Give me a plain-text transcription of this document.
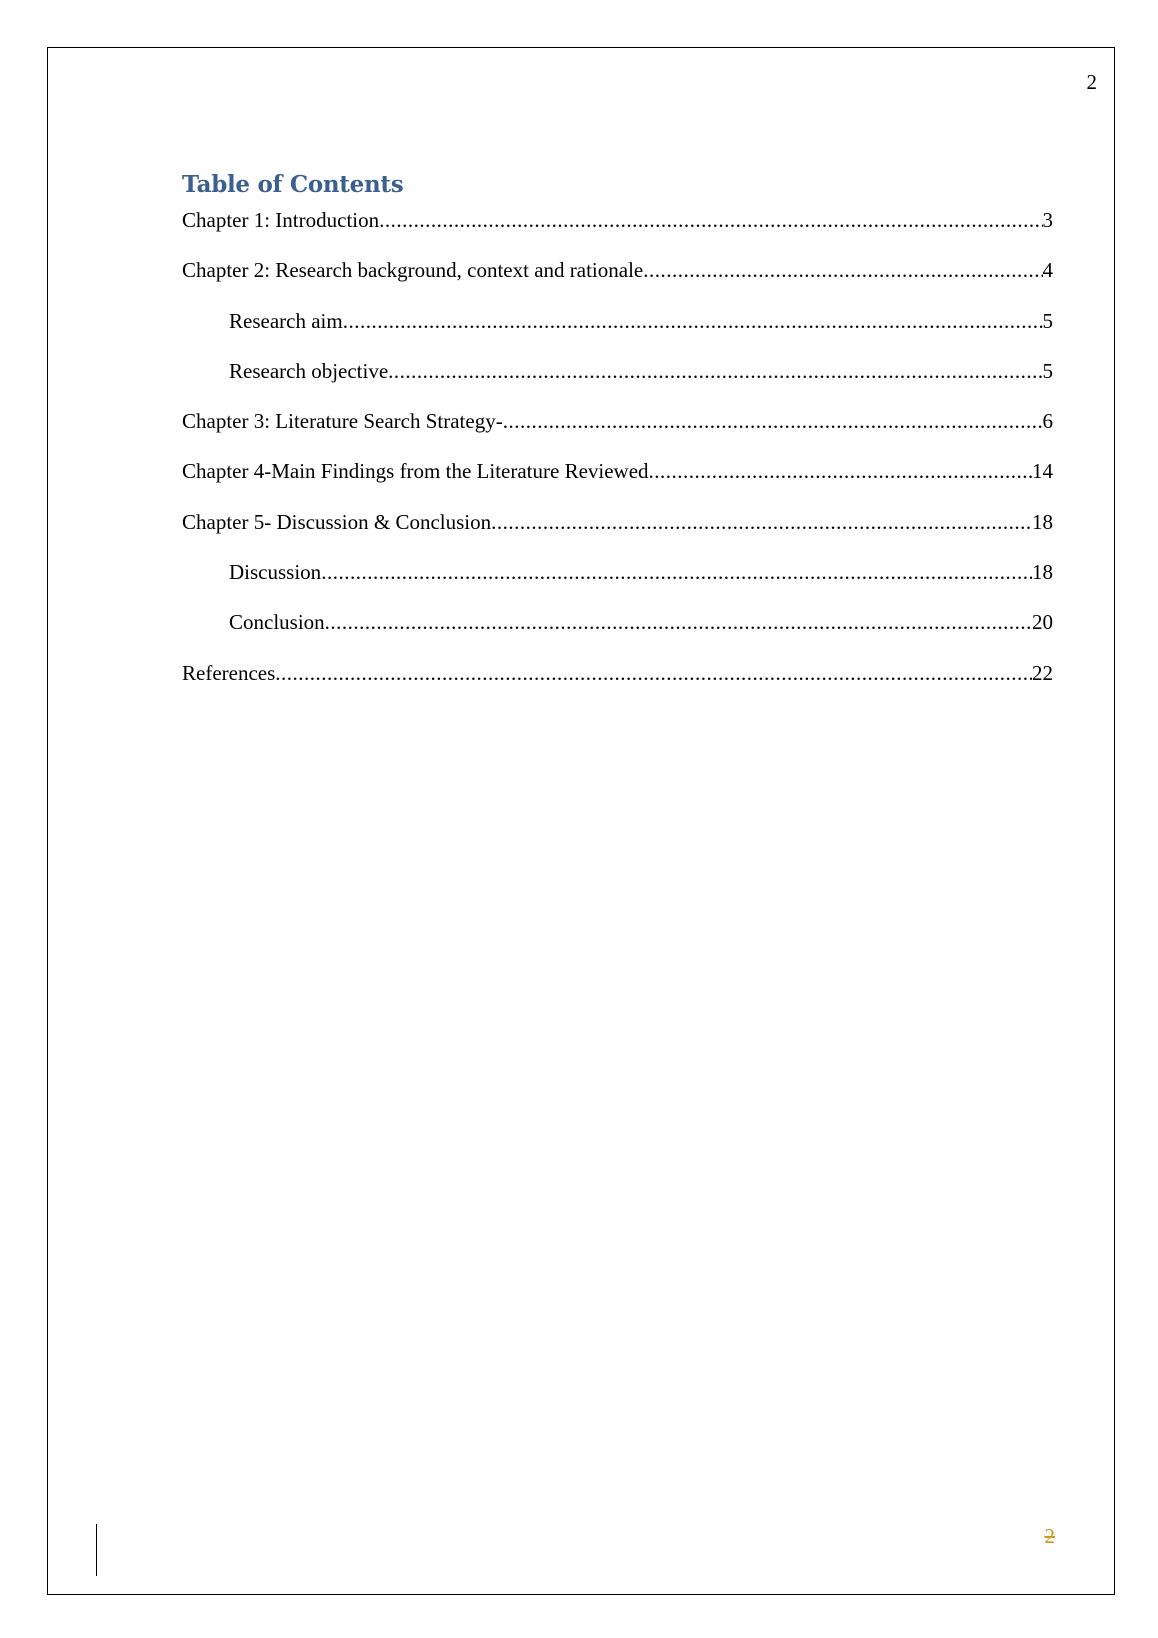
2
Table of Contents
Chapter 1: Introduction .....	3
Chapter 2: Research background, context and rationale .....	4
Research aim .....	5
Research objective .....	5
Chapter 3: Literature Search Strategy- .....	6
Chapter 4-Main Findings from the Literature Reviewed .....	14
Chapter 5- Discussion & Conclusion .....	18
Discussion .....	18
Conclusion .....	20
References .....	22
2
